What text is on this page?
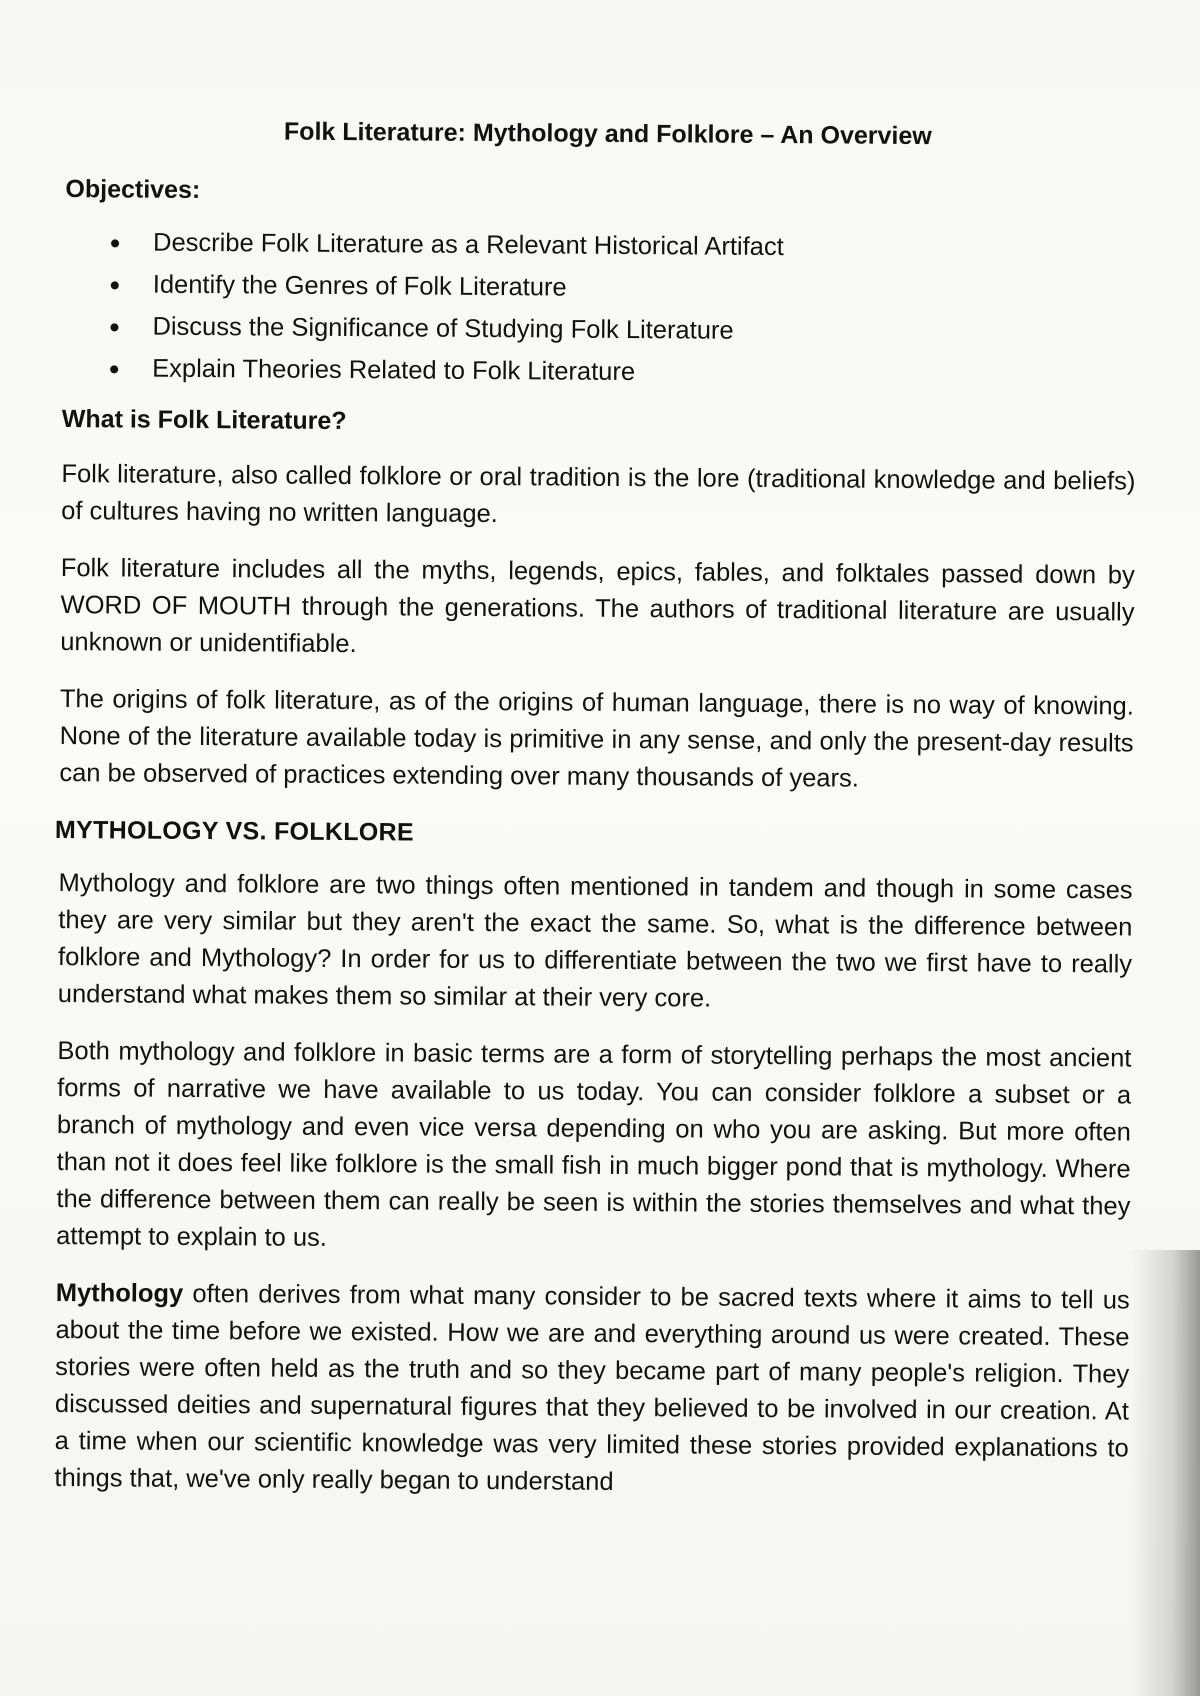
Folk Literature: Mythology and Folklore – An Overview
Objectives:
Describe Folk Literature as a Relevant Historical Artifact
Identify the Genres of Folk Literature
Discuss the Significance of Studying Folk Literature
Explain Theories Related to Folk Literature
What is Folk Literature?

Folk literature, also called folklore or oral tradition is the lore (traditional knowledge and beliefs) of cultures having no written language.

Folk literature includes all the myths, legends, epics, fables, and folktales passed down by WORD OF MOUTH through the generations. The authors of traditional literature are usually unknown or unidentifiable.

The origins of folk literature, as of the origins of human language, there is no way of knowing. None of the literature available today is primitive in any sense, and only the present-day results can be observed of practices extending over many thousands of years.

MYTHOLOGY VS. FOLKLORE

Mythology and folklore are two things often mentioned in tandem and though in some cases they are very similar but they aren't the exact the same. So, what is the difference between folklore and Mythology? In order for us to differentiate between the two we first have to really understand what makes them so similar at their very core.

Both mythology and folklore in basic terms are a form of storytelling perhaps the most ancient forms of narrative we have available to us today. You can consider folklore a subset or a branch of mythology and even vice versa depending on who you are asking. But more often than not it does feel like folklore is the small fish in much bigger pond that is mythology. Where the difference between them can really be seen is within the stories themselves and what they attempt to explain to us.

Mythology often derives from what many consider to be sacred texts where it aims to tell us about the time before we existed. How we are and everything around us were created. These stories were often held as the truth and so they became part of many people's religion. They discussed deities and supernatural figures that they believed to be involved in our creation. At a time when our scientific knowledge was very limited these stories provided explanations to things that, we've only really began to understand
